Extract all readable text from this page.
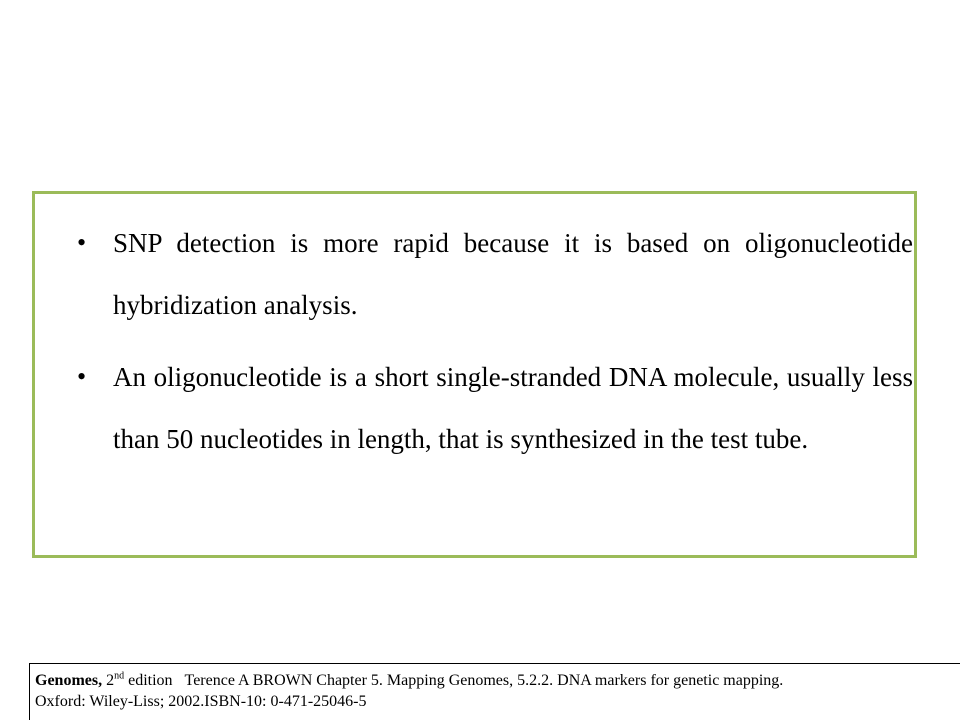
• SNP detection is more rapid because it is based on oligonucleotide hybridization analysis.
• An oligonucleotide is a short single-stranded DNA molecule, usually less than 50 nucleotides in length, that is synthesized in the test tube.
Genomes, 2nd edition Terence A BROWN Chapter 5. Mapping Genomes, 5.2.2. DNA markers for genetic mapping.
Oxford: Wiley-Liss; 2002.ISBN-10: 0-471-25046-5
